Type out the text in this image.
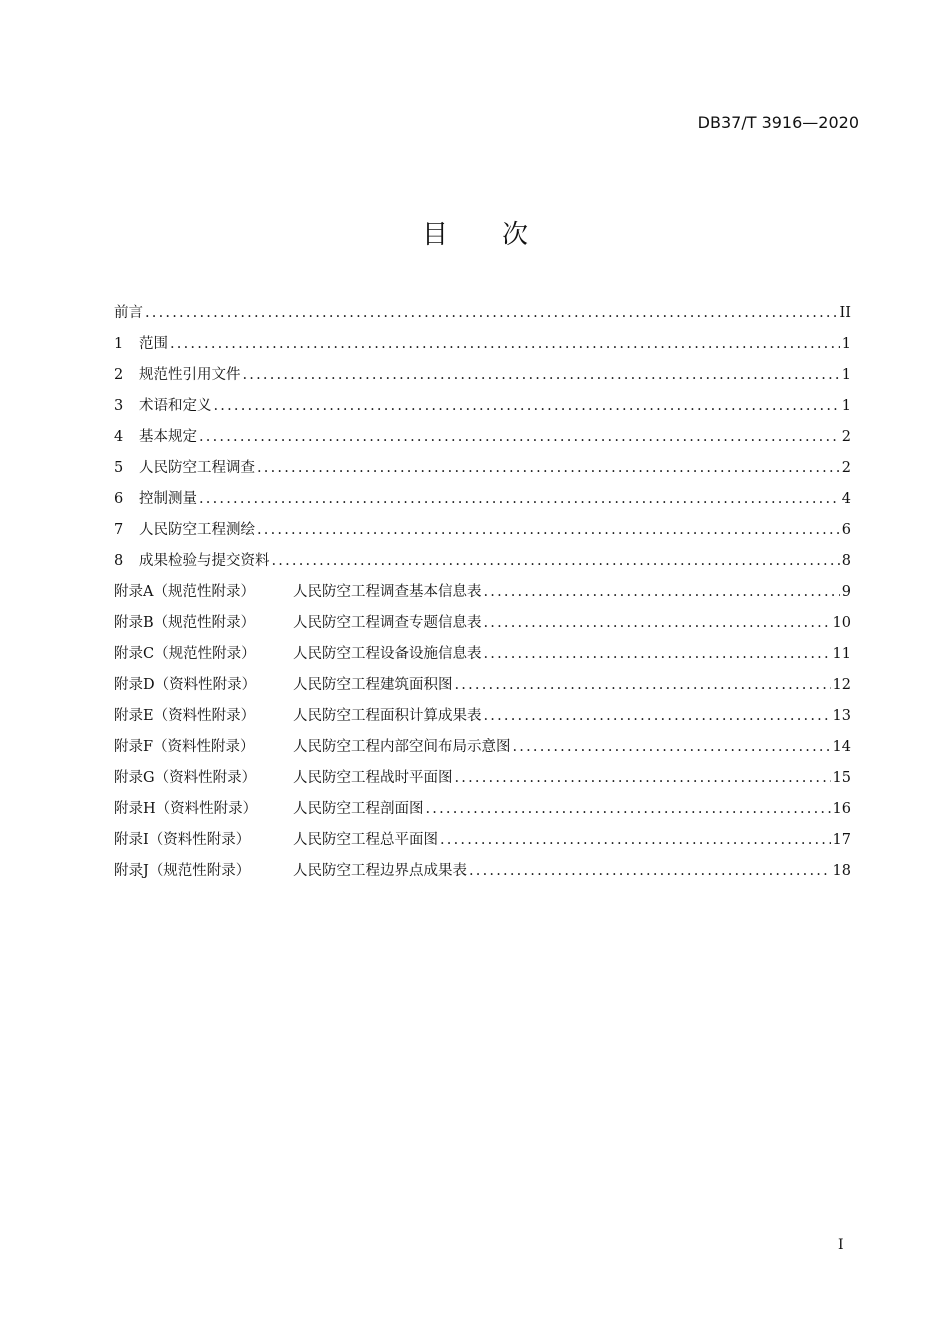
DB37/T 3916—2020
目次
前言 .....	II
1	范围 .....	1
2	规范性引用文件 .....	1
3	术语和定义 .....	1
4	基本规定 .....	2
5	人民防空工程调查 .....	2
6	控制测量 .....	4
7	人民防空工程测绘 .....	6
8	成果检验与提交资料 .....	8
附录A（规范性附录）	人民防空工程调查基本信息表 .....	9
附录B（规范性附录）	人民防空工程调查专题信息表 .....	10
附录C（规范性附录）	人民防空工程设备设施信息表 .....	11
附录D（资料性附录）	人民防空工程建筑面积图 .....	12
附录E（资料性附录）	人民防空工程面积计算成果表 .....	13
附录F（资料性附录）	人民防空工程内部空间布局示意图 .....	14
附录G（资料性附录）	人民防空工程战时平面图 .....	15
附录H（资料性附录）	人民防空工程剖面图 .....	16
附录I（资料性附录）	人民防空工程总平面图 .....	17
附录J（规范性附录）	人民防空工程边界点成果表 .....	18
I
